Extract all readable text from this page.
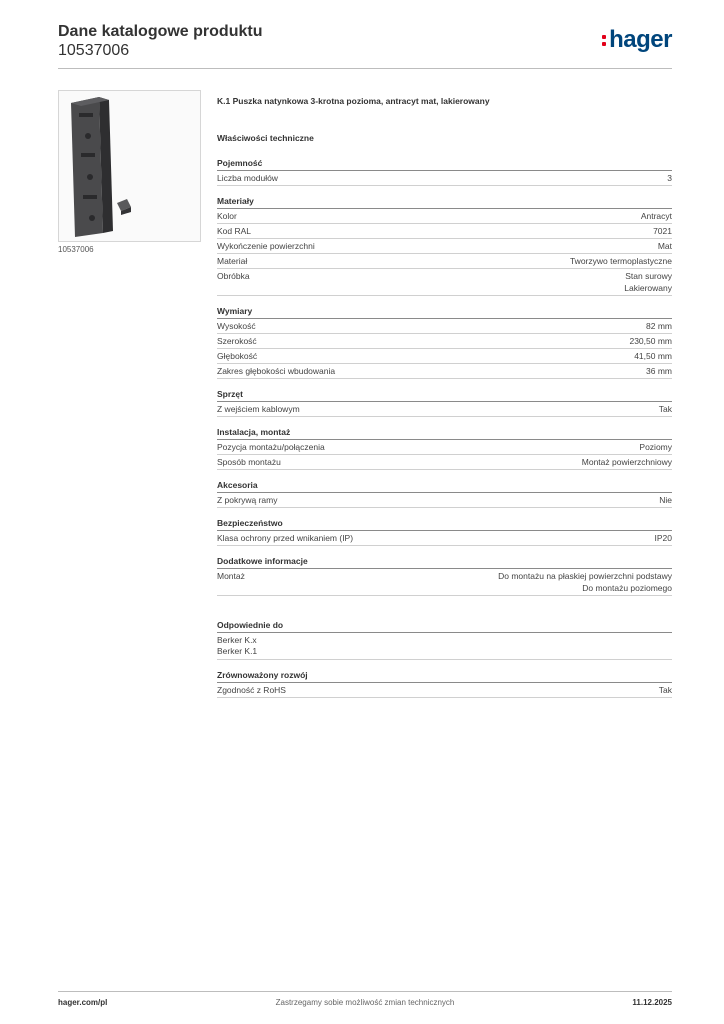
Dane katalogowe produktu
10537006	hager
10537006
K.1 Puszka natynkowa 3-krotna pozioma, antracyt mat, lakierowany
Właściwości techniczne
Pojemność
Liczba modułów	3
Materiały
Kolor	Antracyt
Kod RAL	7021
Wykończenie powierzchni	Mat
Materiał	Tworzywo termoplastyczne
Obróbka	Stan surowy
Lakierowany
Wymiary
Wysokość	82 mm
Szerokość	230,50 mm
Głębokość	41,50 mm
Zakres głębokości wbudowania	36 mm
Sprzęt
Z wejściem kablowym	Tak
Instalacja, montaż
Pozycja montażu/połączenia	Poziomy
Sposób montażu	Montaż powierzchniowy
Akcesoria
Z pokrywą ramy	Nie
Bezpieczeństwo
Klasa ochrony przed wnikaniem (IP)	IP20
Dodatkowe informacje
Montaż	Do montażu na płaskiej powierzchni podstawy
Do montażu poziomego
Odpowiednie do
Berker K.x
Berker K.1
Zrównoważony rozwój
Zgodność z RoHS	Tak
hager.com/pl	Zastrzegamy sobie możliwość zmian technicznych	11.12.2025
